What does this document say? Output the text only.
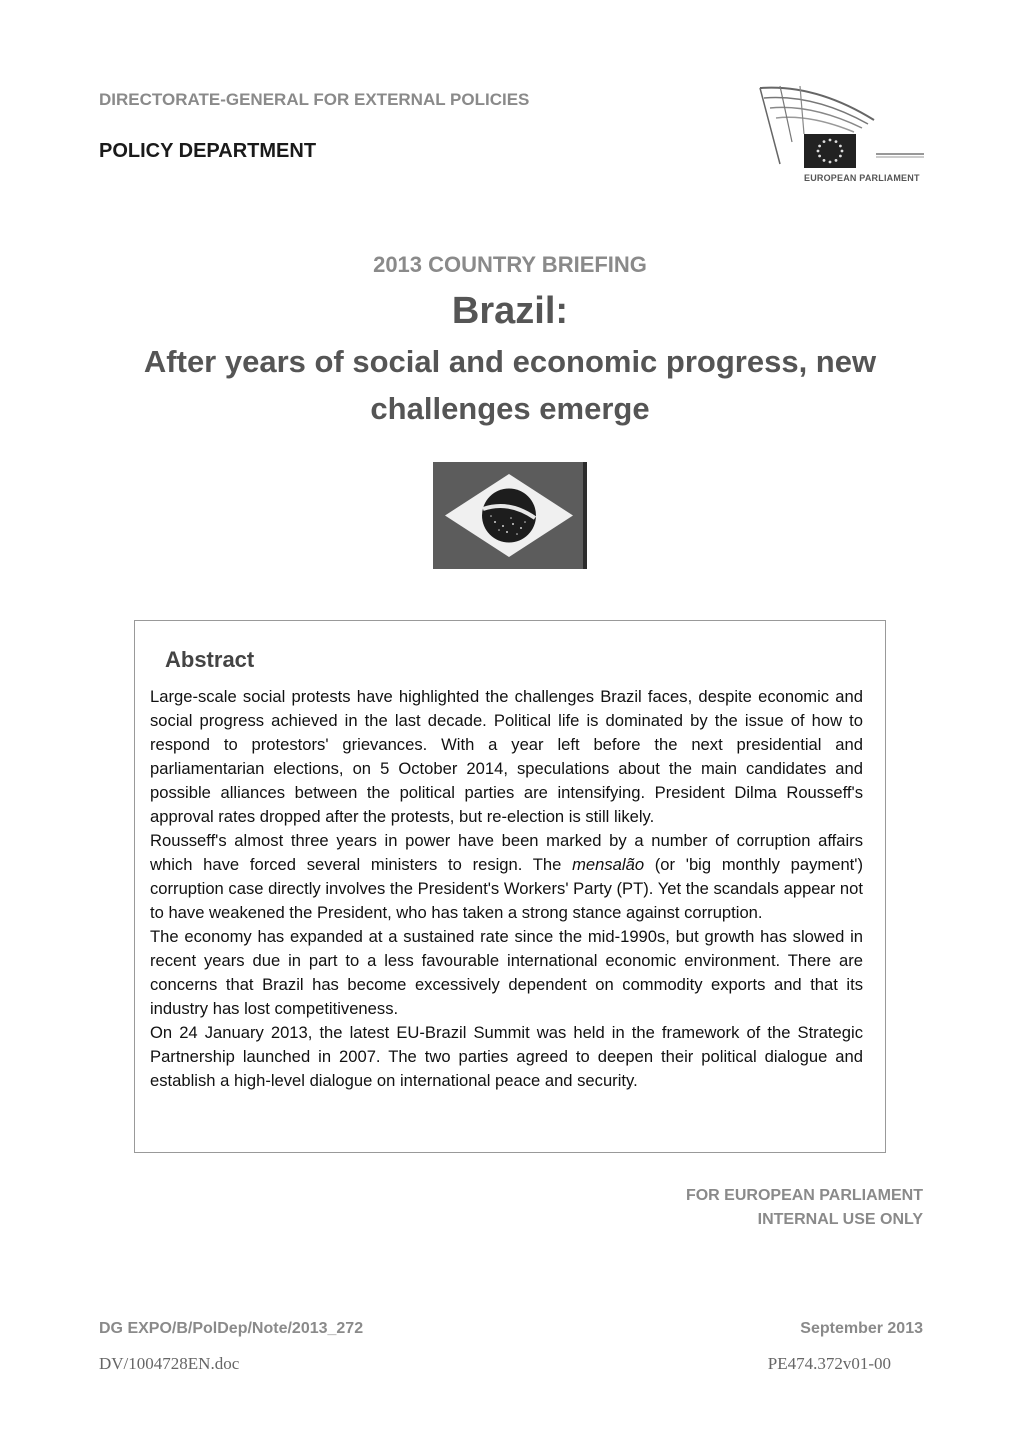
DIRECTORATE-GENERAL FOR EXTERNAL POLICIES
POLICY DEPARTMENT
EUROPEAN PARLIAMENT
2013 COUNTRY BRIEFING
Brazil:
After years of social and economic progress, new challenges emerge
Abstract

Large-scale social protests have highlighted the challenges Brazil faces, despite economic and social progress achieved in the last decade. Political life is dominated by the issue of how to respond to protestors' grievances. With a year left before the next presidential and parliamentarian elections, on 5 October 2014, speculations about the main candidates and possible alliances between the political parties are intensifying. President Dilma Rousseff's approval rates dropped after the protests, but re-election is still likely.

Rousseff's almost three years in power have been marked by a number of corruption affairs which have forced several ministers to resign. The mensalão (or 'big monthly payment') corruption case directly involves the President's Workers' Party (PT). Yet the scandals appear not to have weakened the President, who has taken a strong stance against corruption.

The economy has expanded at a sustained rate since the mid-1990s, but growth has slowed in recent years due in part to a less favourable international economic environment. There are concerns that Brazil has become excessively dependent on commodity exports and that its industry has lost competitiveness.

On 24 January 2013, the latest EU-Brazil Summit was held in the framework of the Strategic Partnership launched in 2007. The two parties agreed to deepen their political dialogue and establish a high-level dialogue on international peace and security.

FOR EUROPEAN PARLIAMENT
INTERNAL USE ONLY
DG EXPO/B/PolDep/Note/2013_272	September 2013
DV/1004728EN.doc	PE474.372v01-00
